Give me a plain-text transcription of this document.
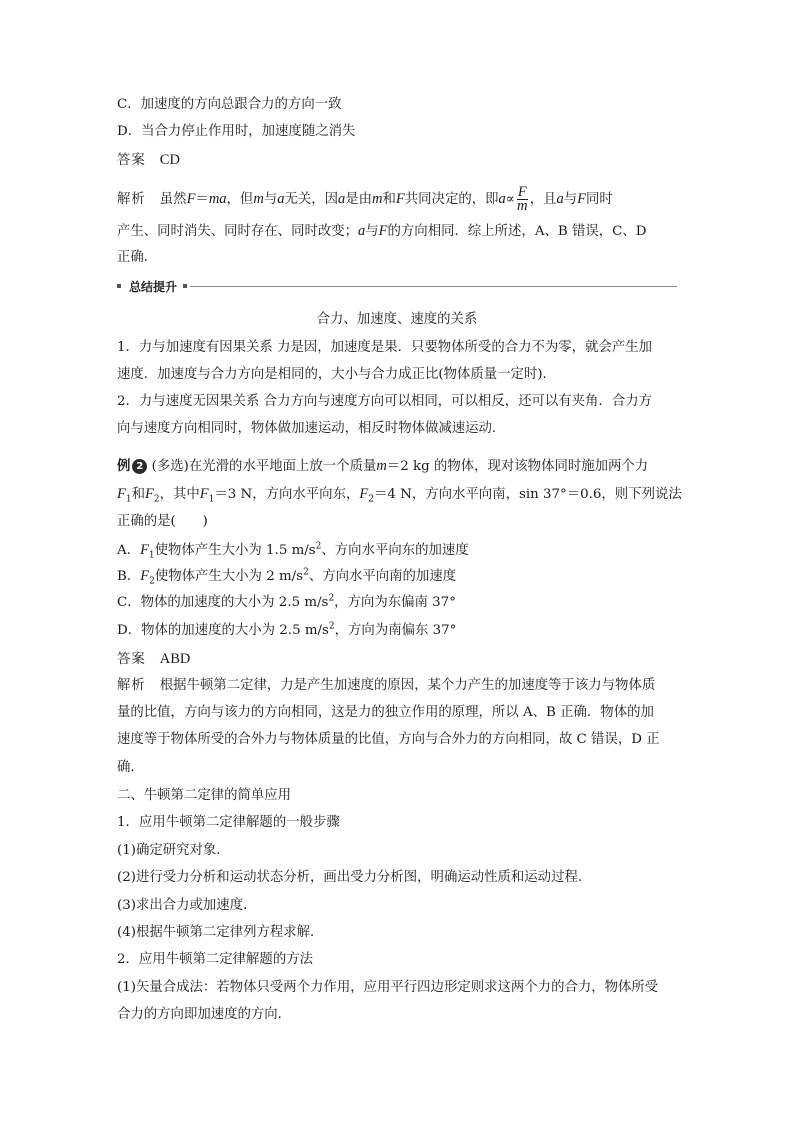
C．加速度的方向总跟合力的方向一致
D．当合力停止作用时，加速度随之消失
答案 CD
解析 虽然F＝ma，但m与a无关，因a是由m和F共同决定的，即$a\propto \frac{F}{m}$ ，且a与F同时
产生、同时消失、同时存在、同时改变；a与F的方向相同．综上所述，A、B 错误，C、D
正确．
总结提升
合力、加速度、速度的关系
1．力与加速度有因果关系 力是因，加速度是果．只要物体所受的合力不为零，就会产生加
速度．加速度与合力方向是相同的，大小与合力成正比(物体质量一定时)．
2．力与速度无因果关系 合力方向与速度方向可以相同，可以相反，还可以有夹角．合力方
向与速度方向相同时，物体做加速运动，相反时物体做减速运动．
例 2 (多选)在光滑的水平地面上放一个质量m＝2 kg 的物体，现对该物体同时施加两个力
$F_1$和$F_2$，其中$F_1=3$ N，方向水平向东，$F_2=4$ N，方向水平向南，sin 37°＝0.6，则下列说法
正确的是(　　)
A．$F_1$使物体产生大小为 1.5 $m/s^2$、方向水平向东的加速度
B．$F_2$使物体产生大小为 2 $m/s^2$、方向水平向南的加速度
C．物体的加速度的大小为 2.5 $m/s^2$，方向为东偏南 37°
D．物体的加速度的大小为 2.5 $m/s^2$，方向为南偏东 37°
答案 ABD
解析 根据牛顿第二定律，力是产生加速度的原因，某个力产生的加速度等于该力与物体质
量的比值，方向与该力的方向相同，这是力的独立作用的原理，所以 A、B 正确．物体的加
速度等于物体所受的合外力与物体质量的比值，方向与合外力的方向相同，故 C 错误，D 正
确．
二、牛顿第二定律的简单应用
1．应用牛顿第二定律解题的一般步骤
(1)确定研究对象．
(2)进行受力分析和运动状态分析，画出受力分析图，明确运动性质和运动过程．
(3)求出合力或加速度．
(4)根据牛顿第二定律列方程求解．
2．应用牛顿第二定律解题的方法
(1)矢量合成法：若物体只受两个力作用，应用平行四边形定则求这两个力的合力，物体所受
合力的方向即加速度的方向．
